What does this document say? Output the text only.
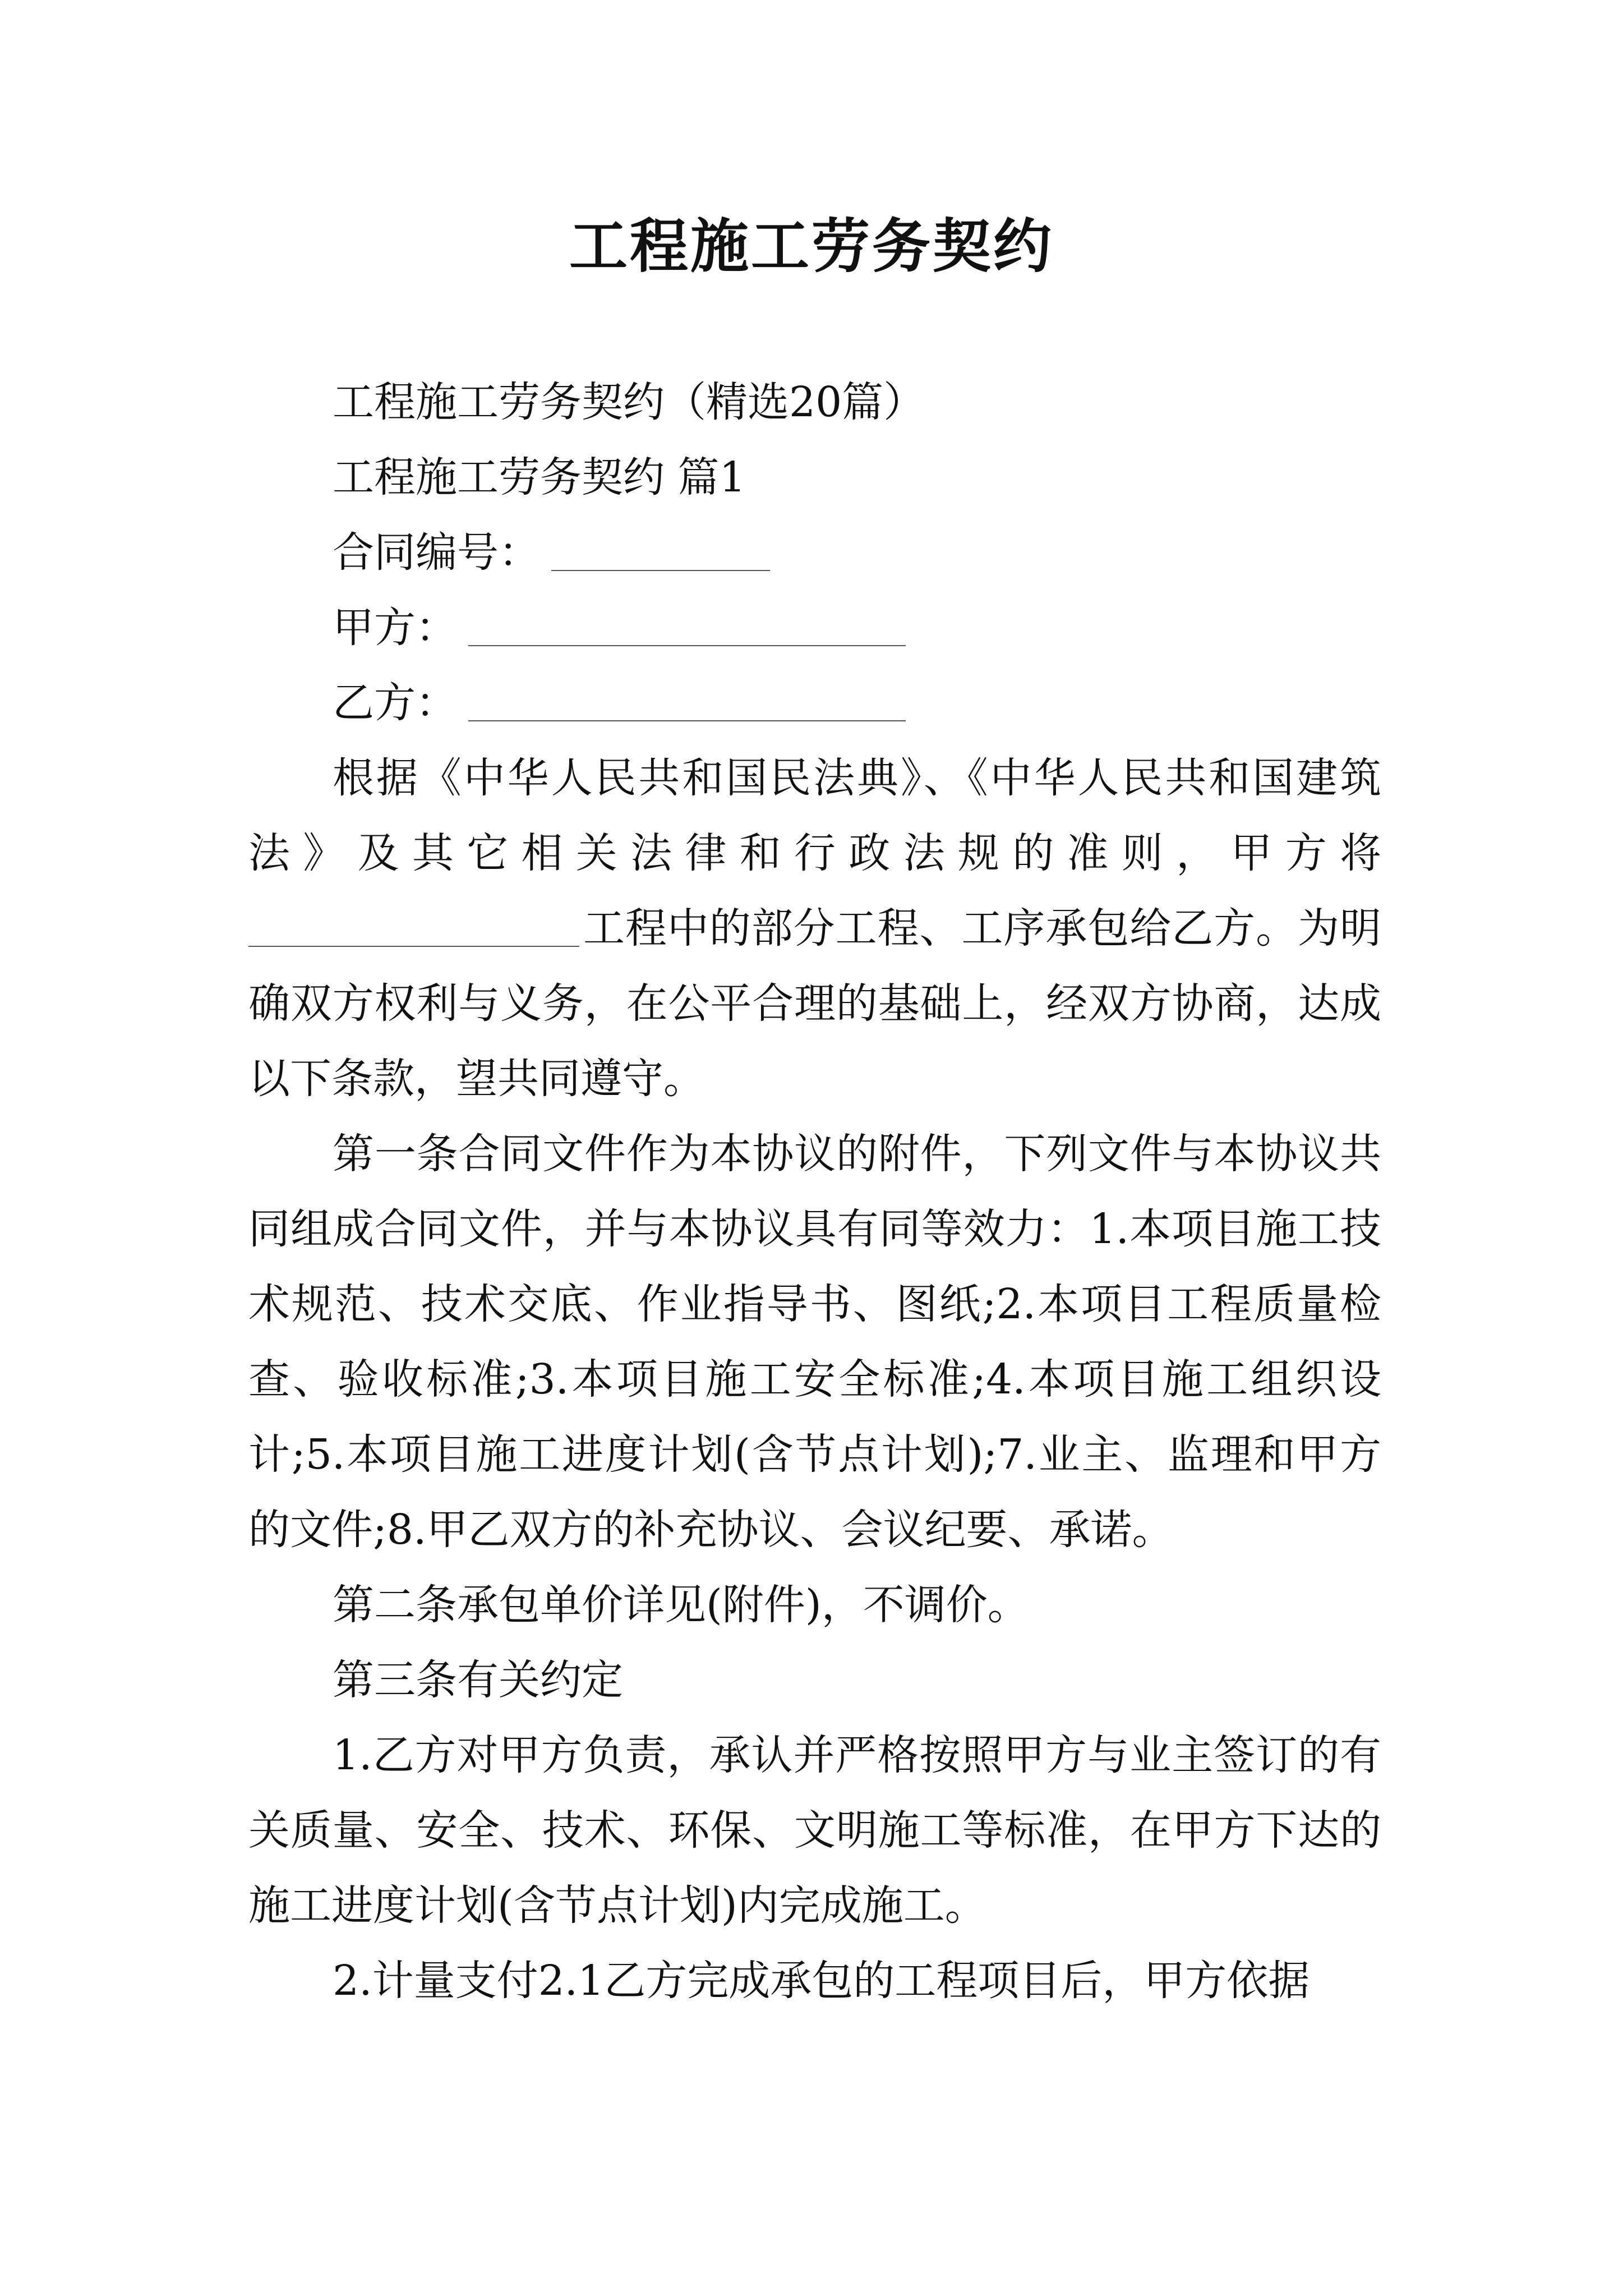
工程施工劳务契约

工程施工劳务契约（精选20篇）

工程施工劳务契约 篇1

合同编号：

甲方：

乙方：

根据《中华人民共和国民法典》、《中华人民共和国建筑法》及其它相关法律和行政法规的准则，甲方将工程中的部分工程、工序承包给乙方。为明确双方权利与义务，在公平合理的基础上，经双方协商，达成以下条款，望共同遵守。

第一条合同文件作为本协议的附件，下列文件与本协议共同组成合同文件，并与本协议具有同等效力：1.本项目施工技术规范、技术交底、作业指导书、图纸;2.本项目工程质量检查、验收标准;3.本项目施工安全标准;4.本项目施工组织设计;5.本项目施工进度计划(含节点计划);7.业主、监理和甲方的文件;8.甲乙双方的补充协议、会议纪要、承诺。

第二条承包单价详见(附件)，不调价。

第三条有关约定

1.乙方对甲方负责，承认并严格按照甲方与业主签订的有关质量、安全、技术、环保、文明施工等标准，在甲方下达的施工进度计划(含节点计划)内完成施工。

2.计量支付2.1乙方完成承包的工程项目后，甲方依据
